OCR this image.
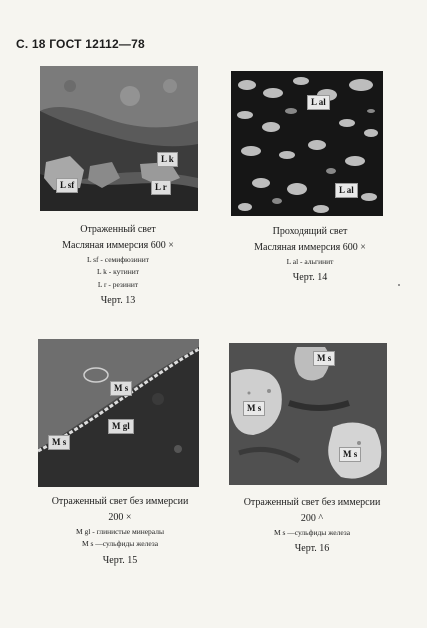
С. 18 ГОСТ 12112—78
L k
L sf	L r
L al
L al
M s
M gl
M s
M s
M s
M s
Отраженный свет
Масляная иммерсия 600 ×
L sf - семифюзинит
L k - кутинит
L r - резинит
Черт. 13
Проходящий свет
Масляная иммерсия 600 ×
L al - альгинит
Черт. 14
Отраженный свет без иммерсии
200 ×
M gl - глинистые минералы
M s —сульфиды железа
Черт. 15
Отраженный свет без иммерсии
200 ^
M s —сульфиды железа
Черт. 16
